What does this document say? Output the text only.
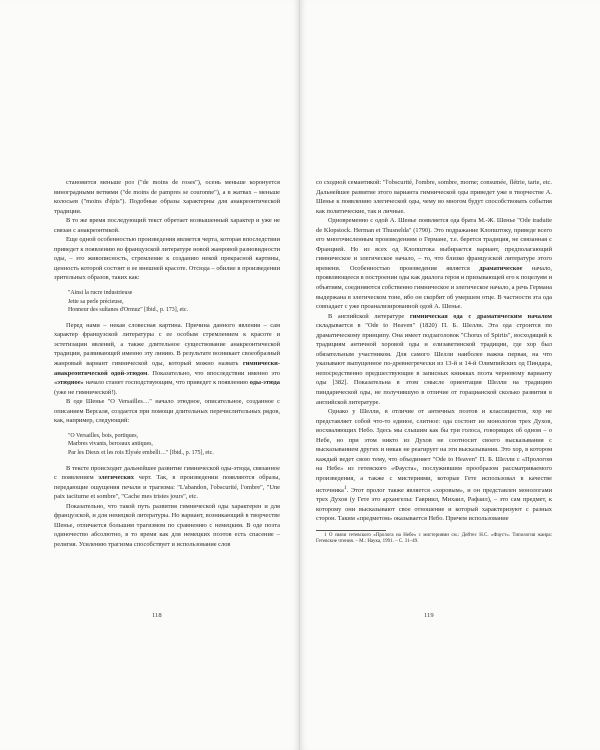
становится меньше роз ("de moins de roses"), осень меньше коронуется виноградными ветвями ("de moins de pampres se couronne"), а в жатвах – меньше колосьев ("moins d'épis"). Подобные образы характерны для анакреонтической традиции.

В то же время последующий текст обретает возвышенный характер и уже не связан с анакреонтикой.

Еще одной особенностью произведения является черта, которая впоследствии приведет к появлению во французской литературе новой жанровой разновидности оды, – это живописность, стремление к созданию некой прекрасной картины, ценность которой состоит в ее внешней красоте. Отсюда – обилие в произведении зрительных образов, таких как:

"Ainsi la rucre industrieuse
Jette sa perle précieuse,
Honneur des sultanes d'Ormuz" [Ibid., p. 173], etc.

Перед нами – некая словесная картина. Причина данного явления – сам характер французской литературы с ее особым стремлением к красоте и эстетизации явлений, а также длительное существование анакреонтической традиции, развивающей именно эту линию. В результате возникает своеобразный жанровый вариант гимнической оды, который можно назвать гимнически-анакреонтической одой-этюдом. Показательно, что впоследствии именно это «этюдное» начало станет господствующим, что приведет к появлению оды-этюда (уже не гимнической!).

В оде Шенье "O Versailles…" начало этюдное, описательное, созданное с описанием Версаля, создается при помощи длительных перечислительных рядов, как, например, следующий:

"O Versailles, bois, portiques,
Marbres vivants, berceaux antiques,
Par les Dieux et les rois Elysée embelli…" [Ibid., p. 175], etc.

В тексте происходит дальнейшее развитие гимнической оды-этюда, связанное с появлением элегических черт. Так, в произведении появляются образы, передающие ощущения печали и трагизма: "L'abandon, l'obscurité, l'ombre", "Une paix taciturne et sombre", "Cache mes tristes jours", etc.

Показательно, что такой путь развития гимнической оды характерен и для французской, и для немецкой литературы. Но вариант, возникающий в творчестве Шенье, отличается большим трагизмом по сравнению с немецким. В оде поэта одиночество абсолютно, в то время как для немецких поэтов есть спасение – религия. Усилению трагизма способствует и использование слов

118

со сходной семантикой: "l'obscurité, l'ombre, sombre, morne; consumée, flétrie, tarie, etc. Дальнейшее развитие этого варианта гимнической оды приведет уже в творчестве А. Шенье к появлению элегической оды, чему во многом будут способствовать события как политические, так и личные.

Одновременно с одой А. Шенье появляется ода брата М.-Ж. Шенье "Ode traduite de Klopstock. Herman et Thusnelda" (1790). Это подражание Клопштоку, приведе всего его многочисленным произведениям о Германе, т.е. берется традиция, не связанная с Францией. Но из всех од Клопштока выбирается вариант, предполагающий гимническое и элегическое начало, – то, что близко французской литературе этого времени. Особенностью произведения является драматическое начало, проявляющееся в построении оды как диалога героя и призывающей его к поцелуям и объятиям, соединяются собственно гимническое и элегическое начало, а речь Германа выдержана в элегическом тоне, ибо он скорбит об умершем отце. В частности эта ода совпадает с уже проанализированной одой А. Шенье.

В английской литературе гимническая ода с драматическим началом складывается в "Ode to Heaven" (1820) П. Б. Шелли. Эта ода строится по драматическому принципу. Она имеет подзаголовок "Chorus of Spirits", восходящий к традициям античной хоровой оды и елизаветинской традиции, где хор был обязательным участником. Для самого Шелли наиболее важна первая, на что указывают выпущенное по-древнегречески из 13-й и 14-й Олимпийских од Пиндара, непосредственно предшествующие в записных книжках поэта черновому варианту оды [382]. Показательна в этом смысле ориентация Шелли на традицию пиндарической оды, не получившую в отличие от горацианской сколько развития в английской литературе.

Однако у Шелли, в отличие от античных поэтов и классицистов, хор не представляет собой что-то единое, слитное: ода состоит из монологов трех Духов, восхваляющих Небо. Здесь мы слышим как бы три голоса, говорящих об одном – о Небе, но при этом никто из Духов не соотносит своего высказывания с высказыванием других и никак не реагирует на эти высказывания. Это хор, в котором каждый ведет свою тему, что объединяет "Ode to Heaven" П. Б. Шелли с «Прологом на Небе» из гетевского «Фауста», послужившим прообразом рассматриваемого произведения, а также с мистериями, которые Гете использовал в качестве источника$^1$. Этот пролог также является «хоровым», и он представлен монологами трех Духов (у Гете это архангелы: Гавриил, Михаил, Рафаил), – это сам предмет, к которому они высказывают свое отношение и который характеризуют с разных сторон. Таким «предметом» оказывается Небо. Причем использование

1 О связи гетевского «Пролога на Небе» с мистериями см.: Дейтес Н.С. «Фауст». Типология жанра: Гетевские чтения. – М.: Наука, 1991. – С. 31–49.

119
